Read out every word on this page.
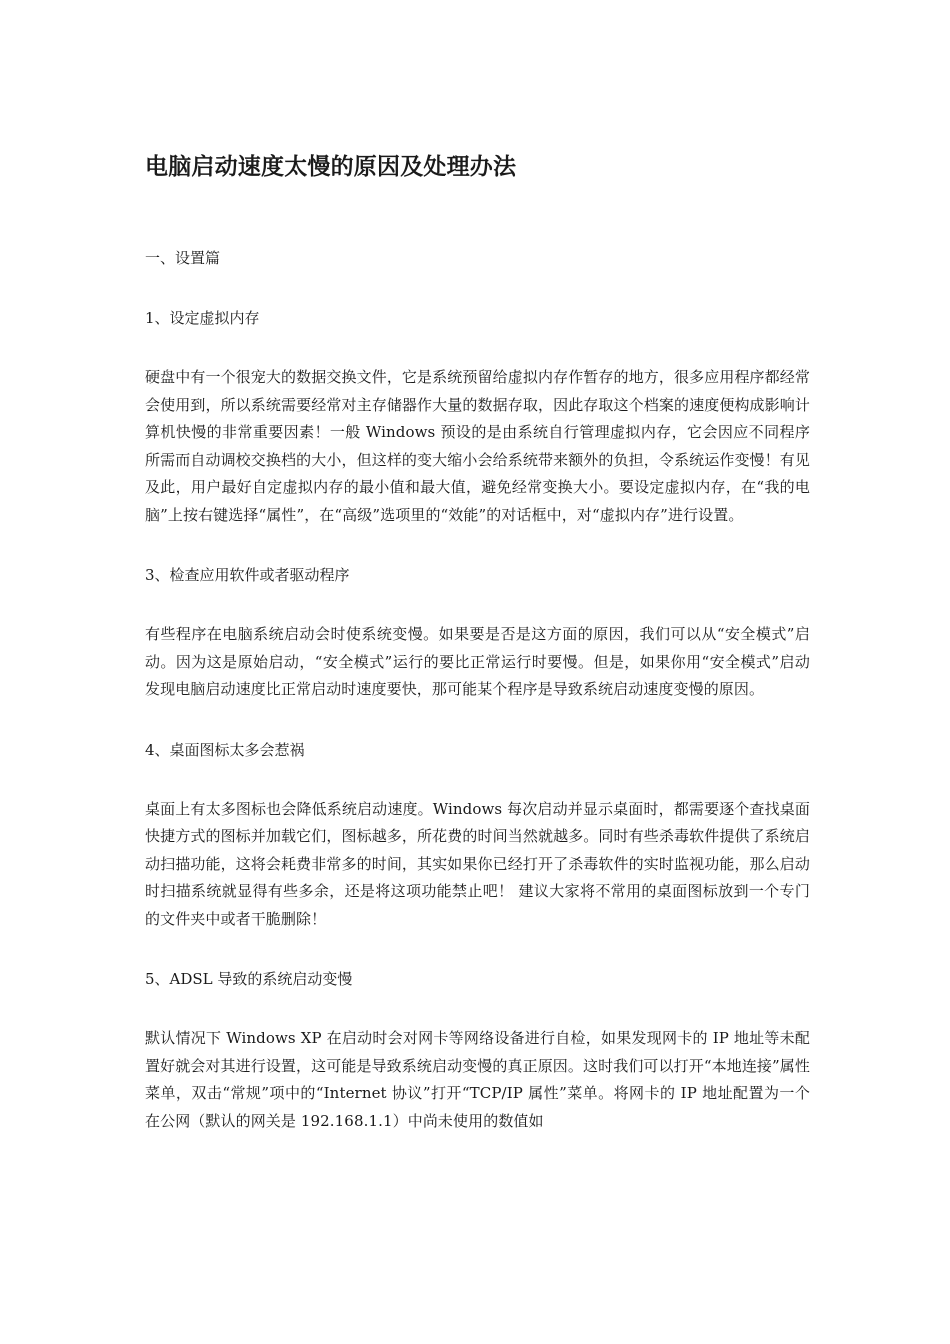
电脑启动速度太慢的原因及处理办法
一、设置篇
1、设定虚拟内存

硬盘中有一个很宠大的数据交换文件，它是系统预留给虚拟内存作暂存的地方，很多应用程序都经常会使用到，所以系统需要经常对主存储器作大量的数据存取，因此存取这个档案的速度便构成影响计算机快慢的非常重要因素！一般 Windows 预设的是由系统自行管理虚拟内存，它会因应不同程序所需而自动调校交换档的大小，但这样的变大缩小会给系统带来额外的负担，令系统运作变慢！有见及此，用户最好自定虚拟内存的最小值和最大值，避免经常变换大小。要设定虚拟内存，在“我的电脑”上按右键选择“属性”，在“高级”选项里的“效能”的对话框中，对“虚拟内存”进行设置。

3、检查应用软件或者驱动程序

有些程序在电脑系统启动会时使系统变慢。如果要是否是这方面的原因，我们可以从“安全模式”启动。因为这是原始启动，“安全模式”运行的要比正常运行时要慢。但是，如果你用“安全模式”启动发现电脑启动速度比正常启动时速度要快，那可能某个程序是导致系统启动速度变慢的原因。

4、桌面图标太多会惹祸

桌面上有太多图标也会降低系统启动速度。Windows 每次启动并显示桌面时，都需要逐个查找桌面快捷方式的图标并加载它们，图标越多，所花费的时间当然就越多。同时有些杀毒软件提供了系统启动扫描功能，这将会耗费非常多的时间，其实如果你已经打开了杀毒软件的实时监视功能，那么启动时扫描系统就显得有些多余，还是将这项功能禁止吧！ 建议大家将不常用的桌面图标放到一个专门的文件夹中或者干脆删除！

5、ADSL 导致的系统启动变慢

默认情况下 Windows XP 在启动时会对网卡等网络设备进行自检，如果发现网卡的 IP 地址等未配置好就会对其进行设置，这可能是导致系统启动变慢的真正原因。这时我们可以打开“本地连接”属性菜单，双击“常规”项中的“Internet 协议”打开“TCP/IP 属性”菜单。将网卡的 IP 地址配置为一个在公网（默认的网关是 192.168.1.1）中尚未使用的数值如
